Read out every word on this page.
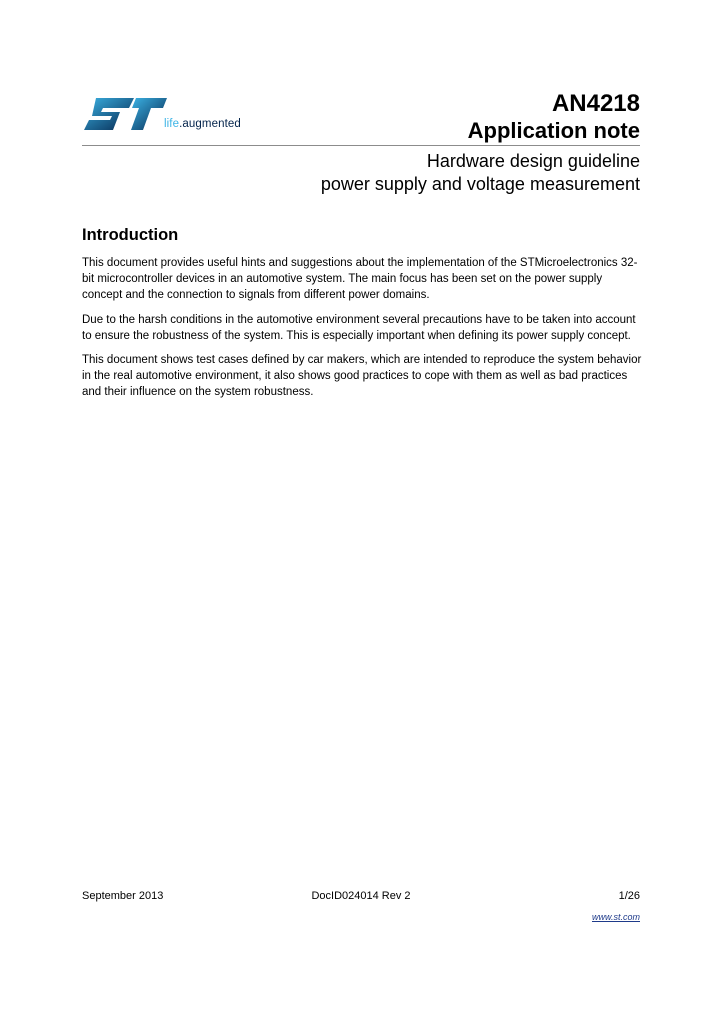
life.augmented
AN4218
Application note
Hardware design guideline
power supply and voltage measurement
Introduction

This document provides useful hints and suggestions about the implementation of the STMicroelectronics 32-bit microcontroller devices in an automotive system. The main focus has been set on the power supply concept and the connection to signals from different power domains.

Due to the harsh conditions in the automotive environment several precautions have to be taken into account to ensure the robustness of the system. This is especially important when defining its power supply concept.

This document shows test cases defined by car makers, which are intended to reproduce the system behavior in the real automotive environment, it also shows good practices to cope with them as well as bad practices and their influence on the system robustness.

September 2013	DocID024014 Rev 2	1/26
www.st.com
